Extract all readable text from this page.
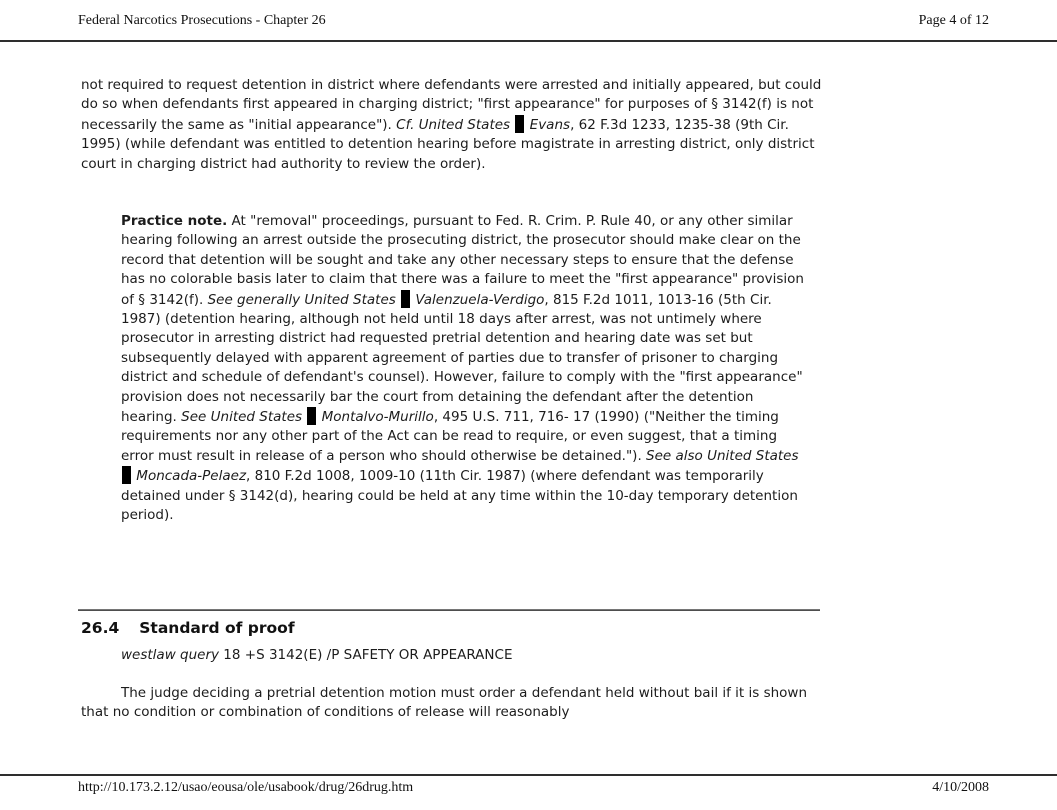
Federal Narcotics Prosecutions - Chapter 26	Page 4 of 12

not required to request detention in district where defendants were arrested and initially appeared, but could do so when defendants first appeared in charging district; "first appearance" for purposes of § 3142(f) is not necessarily the same as "initial appearance"). Cf. United States  Evans, 62 F.3d 1233, 1235-38 (9th Cir. 1995) (while defendant was entitled to detention hearing before magistrate in arresting district, only district court in charging district had authority to review the order).

Practice note. At "removal" proceedings, pursuant to Fed. R. Crim. P. Rule 40, or any other similar hearing following an arrest outside the prosecuting district, the prosecutor should make clear on the record that detention will be sought and take any other necessary steps to ensure that the defense has no colorable basis later to claim that there was a failure to meet the "first appearance" provision of § 3142(f). See generally United States  Valenzuela-Verdigo, 815 F.2d 1011, 1013-16 (5th Cir. 1987) (detention hearing, although not held until 18 days after arrest, was not untimely where prosecutor in arresting district had requested pretrial detention and hearing date was set but subsequently delayed with apparent agreement of parties due to transfer of prisoner to charging district and schedule of defendant's counsel). However, failure to comply with the "first appearance" provision does not necessarily bar the court from detaining the defendant after the detention hearing. See United States  Montalvo-Murillo, 495 U.S. 711, 716- 17 (1990) ("Neither the timing requirements nor any other part of the Act can be read to require, or even suggest, that a timing error must result in release of a person who should otherwise be detained."). See also United States  Moncada-Pelaez, 810 F.2d 1008, 1009-10 (11th Cir. 1987) (where defendant was temporarily detained under § 3142(d), hearing could be held at any time within the 10-day temporary detention period).

26.4 Standard of proof

westlaw query 18 +S 3142(E) /P SAFETY OR APPEARANCE

The judge deciding a pretrial detention motion must order a defendant held without bail if it is shown that no condition or combination of conditions of release will reasonably

http://10.173.2.12/usao/eousa/ole/usabook/drug/26drug.htm	4/10/2008
